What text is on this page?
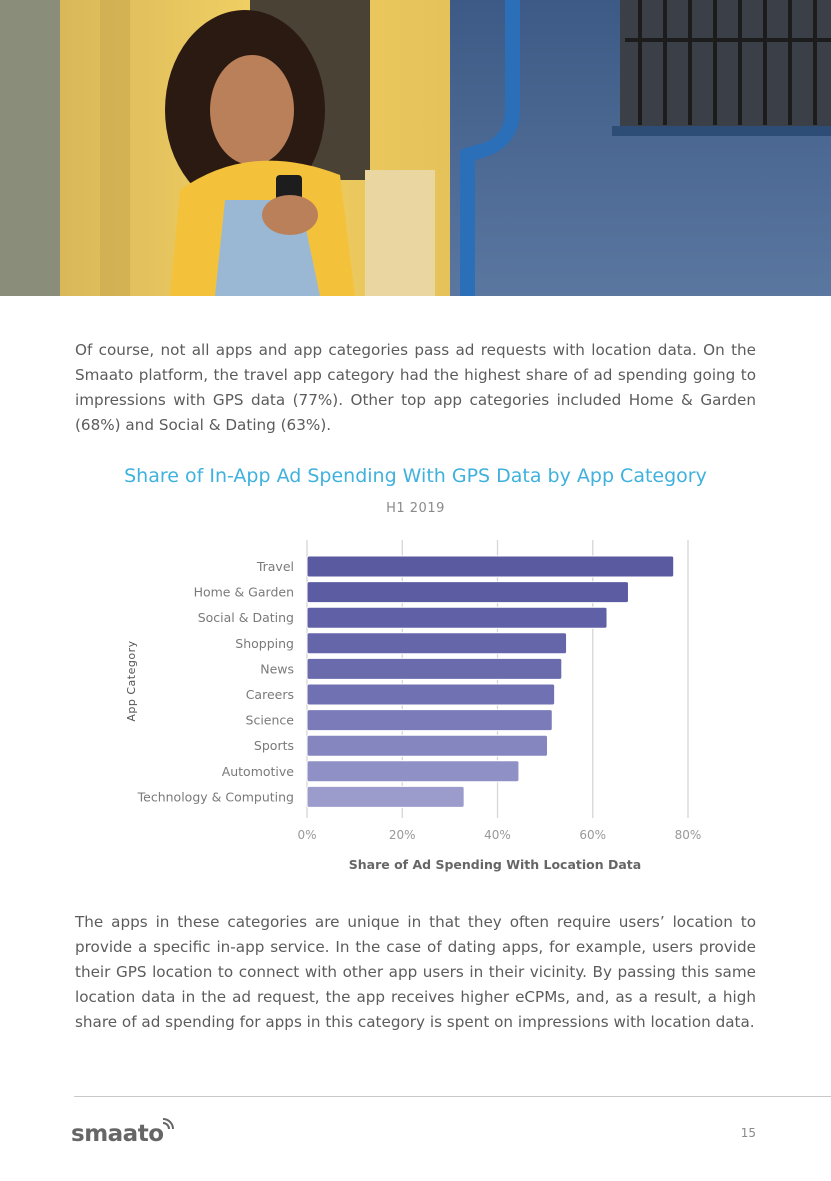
Of course, not all apps and app categories pass ad requests with location data. On the Smaato platform, the travel app category had the highest share of ad spending going to impressions with GPS data (77%). Other top app categories included Home & Garden (68%) and Social & Dating (63%).

Share of In-App Ad Spending With GPS Data by App Category
H1 2019
Travel
Home & Garden
Social & Dating
Shopping
News
Careers
Science
Sports
Automotive
Technology & Computing
0%	20%	40%	60%	80%
Share of Ad Spending With Location Data
App Category

The apps in these categories are unique in that they often require users’ location to provide a specific in-app service. In the case of dating apps, for example, users provide their GPS location to connect with other app users in their vicinity. By passing this same location data in the ad request, the app receives higher eCPMs, and, as a result, a high share of ad spending for apps in this category is spent on impressions with location data.

smaato	15
